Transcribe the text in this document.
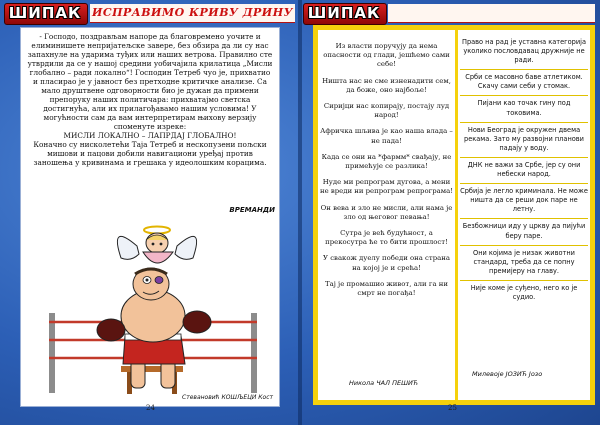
ШИПАК ИСПРАВИМО КРИВУ ДРИНУ ШИПАК

- Господо, поздрављам напоре да благовремено уочите и елиминишете непријатељске завере, без обзира да ли су нас запахнуле на ударима туђих или наших ветрова. Правилно сте утврдили да се у нашој средини уобичајила крилатица „Мисли глобално – ради локално“! Господин Тетреб чуо је, прихватио и пласирао је у јавност без претходне критичке анализе. Са мало друштвене одговорности био је дужан да примени препоруку наших политичара: прихватајмо светска достигнућа, али их прилагођавамо нашим условима! У могућности сам да вам интерпретирам њихову верзију споменуте изреке:

МИСЛИ ЛОКАЛНО – ЛАПРДАЈ ГЛОБАЛНО!

Коначно су нисколетећи Таја Тетреб и нескопузени пољски мишови и пацови добили навигациони уређај против заношења у кривинама и грешака у идеолошким корацима.

ВРЕМАНДИ
Стевановић КОШЉЕЦИ Кост
24

Из власти поручују да нема опасности од глади, јешћемо сами себе!

Ништа нас не сме изненадити сем, да боже, оно најбоље!

Сиријци нас копирају, постају луд народ!

Афричка шљива је као наша влада – не пада!

Када се они на *фармм* свађају, не примећује се разлика!

Нуде ми репрограм дугова, а мени не вреди ни репрограм репрограма!

Он вева и зло не мисли, али нама је зло од његовог певања!

Сутра је већ будућност, а прекосутра ће то бити прошлост!

У свакож дуелу победи она страна на којој је и срећа!

Тај је промашио живот, али га ни смрт не погађа!

Никола ЧАЛ ПЕШИЋ

Право на рад је уставна категорија уколико пословдавац дружније не ради.

Срби се масовно баве атлетиком. Скачу сами себи у стомак.

Пијани као точак гину под токовима.

Нови Београд је окружен двема рекама. Зато му развојни планови падају у воду.

ДНК не важи за Србе, јер су они небески народ.

Србија је легло криминала. Не може ништа да се реши док паре не летну.

Безбожници иду у цркву да пијући беру паре.

Они којима је низак животни стандард, треба да се попну премијеру на главу.

Није коме је суђено, него ко је судио.

Милевоје ЈОЗИЋ Јозо
25
